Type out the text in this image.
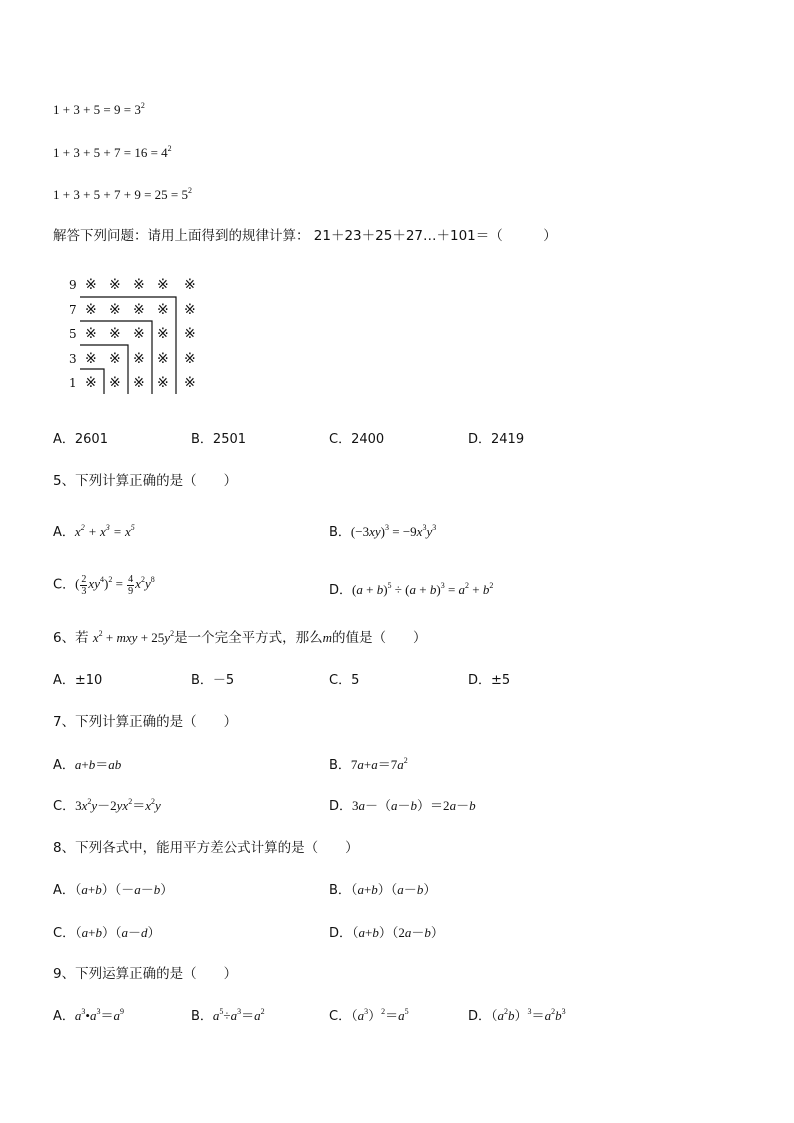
$1 + 3 + 5 = 9 = 3^2$
$1 + 3 + 5 + 7 = 16 = 4^2$
$1 + 3 + 5 + 7 + 9 = 25 = 5^2$
解答下列问题：请用上面得到的规律计算： 21＋23＋25＋27…＋101＝（　　　）
9
7
5
3
1
※ ※ ※ ※ ※
※ ※ ※ ※ ※
※ ※ ※ ※ ※
※ ※ ※ ※ ※
※ ※ ※ ※ ※
A．2601	B．2501	C．2400	D．2419
5、下列计算正确的是（　　）
A．$x^2 + x^3 = x^5$	B．$(-3xy)^3 = -9x^3y^3$
C．( $\frac{2}{3} xy^4)^2 = \frac{4}{9} x^2y^8$
D．$(a + b)^5 \div (a + b)^3 = a^2 + b^2$
6、若 $x^2$ + mxy + $25y^2$是一个完全平方式，那么m的值是（　　）
A．±10	B．－5	C．5	D．±5
7、下列计算正确的是（　　）
A．a+b＝ab	B．$7a+a=7a^2$
C．$3x^2y-2yx^2=x^2y$	D．3a－（a－b）＝2a－b
8、下列各式中，能用平方差公式计算的是（　　）
A．（a+b）（－a－b）	B．（a+b）（a－b）
C．（a+b）（a－d）	D．（a+b）（2a－b）
9、下列运算正确的是（　　）
A．$a^3•a^3=a^9$	B．$a^5\div a^3=a^2$	C．$(a^3)^2=a^5$	D．$(a^2b)^3=a^2b^3$
